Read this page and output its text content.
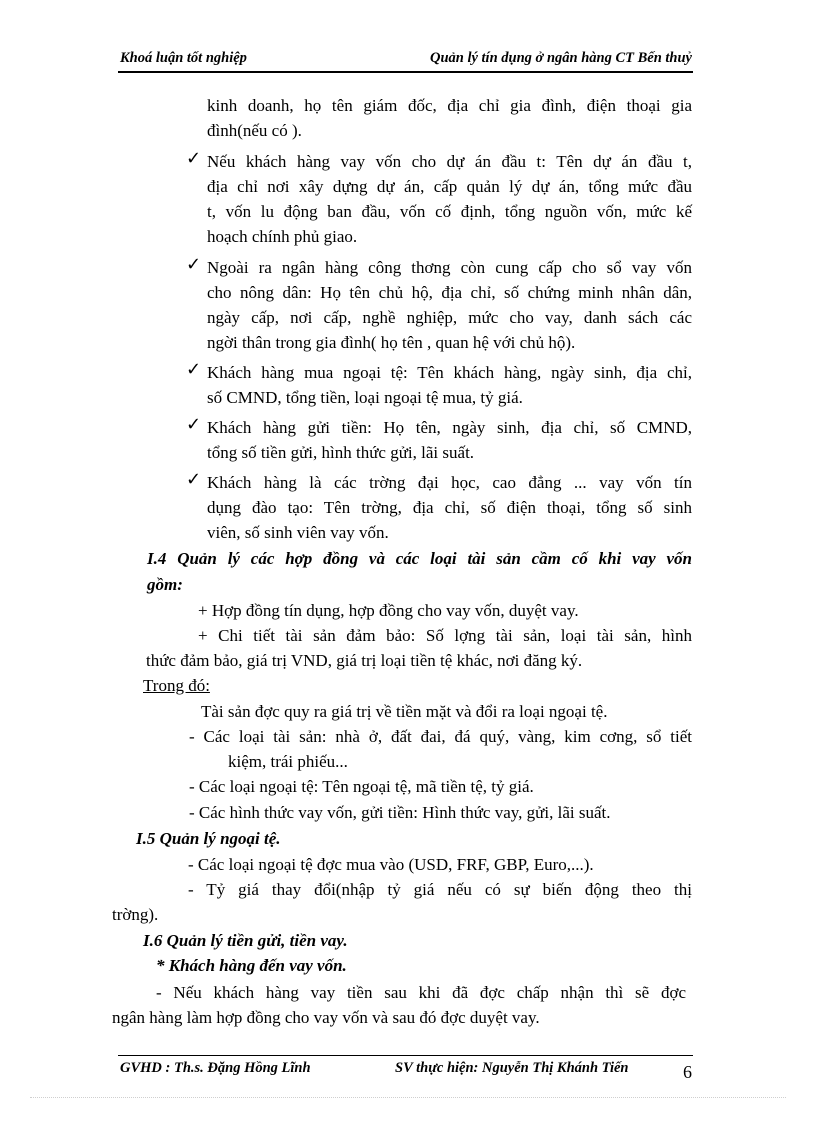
Khoá luận tốt nghiệp	Quản lý tín dụng ở ngân hàng CT Bến thuỷ
kinh doanh, họ tên giám đốc, địa chỉ gia đình, điện thoại gia
đình(nếu có ).
✓ Nếu khách hàng vay vốn cho dự án đầu t: Tên dự án đầu t,
địa chỉ nơi xây dựng dự án, cấp quản lý dự án, tổng mức đầu
t, vốn lu động ban đầu, vốn cố định, tổng nguồn vốn, mức kế
hoạch chính phủ giao.
✓ Ngoài ra ngân hàng công thơng còn cung cấp cho sổ vay vốn
cho nông dân: Họ tên chủ hộ, địa chỉ, số chứng minh nhân dân,
ngày cấp, nơi cấp, nghề nghiệp, mức cho vay, danh sách các
ngời thân trong gia đình( họ tên , quan hệ với chủ hộ).
✓ Khách hàng mua ngoại tệ: Tên khách hàng, ngày sinh, địa chỉ,
số CMND, tổng tiền, loại ngoại tệ mua, tỷ giá.
✓ Khách hàng gửi tiền: Họ tên, ngày sinh, địa chỉ, số CMND,
tổng số tiền gửi, hình thức gửi, lãi suất.
✓ Khách hàng là các trờng đại học, cao đẳng ... vay vốn tín
dụng đào tạo: Tên trờng, địa chỉ, số điện thoại, tổng số sinh
viên, số sinh viên vay vốn.
I.4 Quản lý các hợp đồng và các loại tài sản cầm cố khi vay vốn
gồm:
+ Hợp đồng tín dụng, hợp đồng cho vay vốn, duyệt vay.
+ Chi tiết tài sản đảm bảo: Số lợng tài sản, loại tài sản, hình
thức đảm bảo, giá trị VND, giá trị loại tiền tệ khác, nơi đăng ký.
Trong đó:
Tài sản đợc quy ra giá trị về tiền mặt và đổi ra loại ngoại tệ.
- Các loại tài sản: nhà ở, đất đai, đá quý, vàng, kim cơng, sổ tiết
kiệm, trái phiếu...
- Các loại ngoại tệ: Tên ngoại tệ, mã tiền tệ, tỷ giá.
- Các hình thức vay vốn, gửi tiền: Hình thức vay, gửi, lãi suất.
I.5 Quản lý ngoại tệ.
- Các loại ngoại tệ đợc mua vào (USD, FRF, GBP, Euro,...).
- Tỷ giá thay đổi(nhập tỷ giá nếu có sự biến động theo thị
trờng).
I.6 Quản lý tiền gửi, tiền vay.
* Khách hàng đến vay vốn.
- Nếu khách hàng vay tiền sau khi đã đợc chấp nhận thì sẽ đợc
ngân hàng làm hợp đồng cho vay vốn và sau đó đợc duyệt vay.
GVHD : Th.s. Đặng Hồng Lĩnh	SV thực hiện: Nguyễn Thị Khánh Tiến	6
